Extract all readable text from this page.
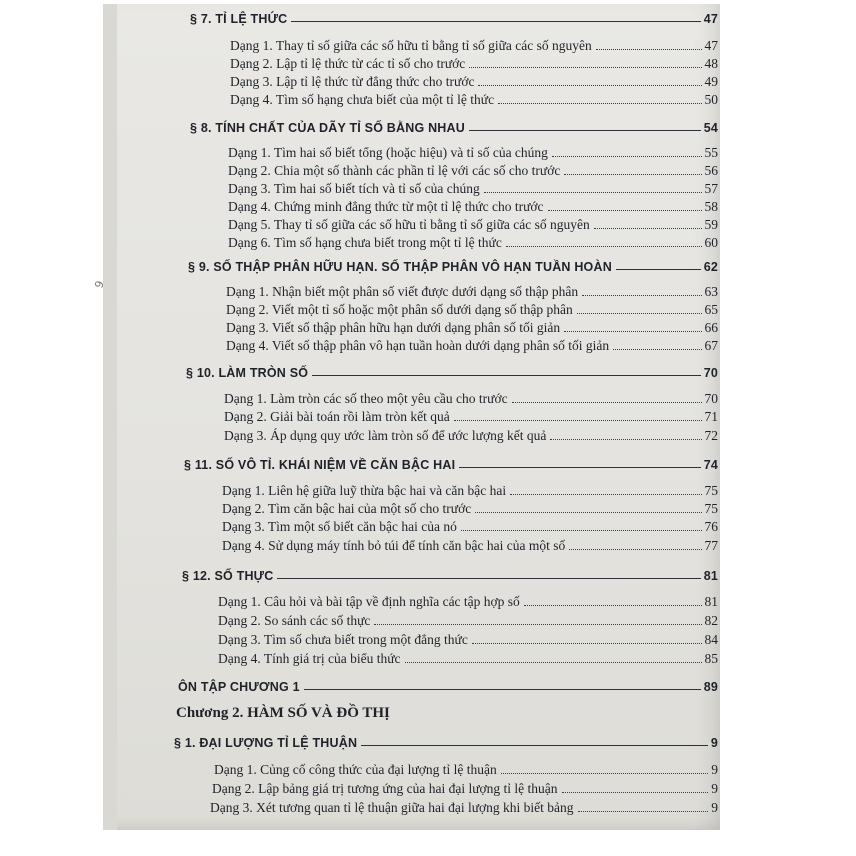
9
§ 7. TỈ LỆ THỨC	47
Dạng 1. Thay tỉ số giữa các số hữu tỉ bằng tỉ số giữa các số nguyên	47
Dạng 2. Lập tỉ lệ thức từ các tỉ số cho trước	48
Dạng 3. Lập tỉ lệ thức từ đẳng thức cho trước	49
Dạng 4. Tìm số hạng chưa biết của một tỉ lệ thức	50
§ 8. TÍNH CHẤT CỦA DÃY TỈ SỐ BẰNG NHAU	54
Dạng 1. Tìm hai số biết tổng (hoặc hiệu) và tỉ số của chúng	55
Dạng 2. Chia một số thành các phần tỉ lệ với các số cho trước	56
Dạng 3. Tìm hai số biết tích và tỉ số của chúng	57
Dạng 4. Chứng minh đẳng thức từ một tỉ lệ thức cho trước	58
Dạng 5. Thay tỉ số giữa các số hữu tỉ bằng tỉ số giữa các số nguyên	59
Dạng 6. Tìm số hạng chưa biết trong một tỉ lệ thức	60
§ 9. SỐ THẬP PHÂN HỮU HẠN. SỐ THẬP PHÂN VÔ HẠN TUẦN HOÀN	62
Dạng 1. Nhận biết một phân số viết được dưới dạng số thập phân	63
Dạng 2. Viết một tỉ số hoặc một phân số dưới dạng số thập phân	65
Dạng 3. Viết số thập phân hữu hạn dưới dạng phân số tối giản	66
Dạng 4. Viết số thập phân vô hạn tuần hoàn dưới dạng phân số tối giản	67
§ 10. LÀM TRÒN SỐ	70
Dạng 1. Làm tròn các số theo một yêu cầu cho trước	70
Dạng 2. Giải bài toán rồi làm tròn kết quả	71
Dạng 3. Áp dụng quy ước làm tròn số để ước lượng kết quả	72
§ 11. SỐ VÔ TỈ. KHÁI NIỆM VỀ CĂN BẬC HAI	74
Dạng 1. Liên hệ giữa luỹ thừa bậc hai và căn bậc hai	75
Dạng 2. Tìm căn bậc hai của một số cho trước	75
Dạng 3. Tìm một số biết căn bậc hai của nó	76
Dạng 4. Sử dụng máy tính bỏ túi để tính căn bậc hai của một số	77
§ 12. SỐ THỰC	81
Dạng 1. Câu hỏi và bài tập về định nghĩa các tập hợp số	81
Dạng 2. So sánh các số thực	82
Dạng 3. Tìm số chưa biết trong một đẳng thức	84
Dạng 4. Tính giá trị của biểu thức	85
ÔN TẬP CHƯƠNG 1	89
Chương 2. HÀM SỐ VÀ ĐỒ THỊ
§ 1. ĐẠI LƯỢNG TỈ LỆ THUẬN	9
Dạng 1. Củng cố công thức của đại lượng tỉ lệ thuận	9
Dạng 2. Lập bảng giá trị tương ứng của hai đại lượng tỉ lệ thuận	9
Dạng 3. Xét tương quan tỉ lệ thuận giữa hai đại lượng khi biết bảng	9
